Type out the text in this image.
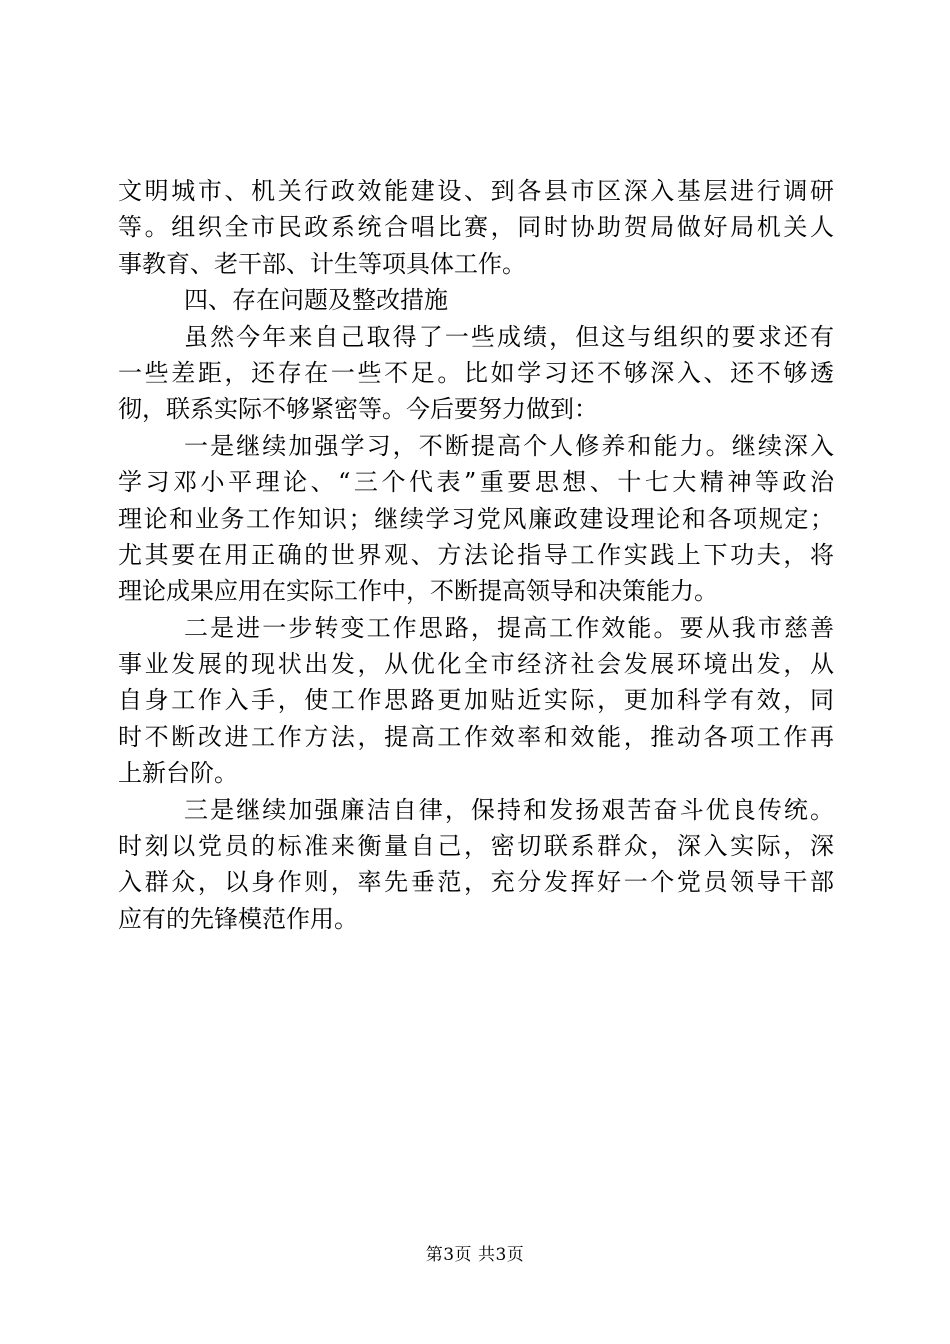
文明城市、机关行政效能建设、到各县市区深入基层进行调研
等。组织全市民政系统合唱比赛，同时协助贺局做好局机关人
事教育、老干部、计生等项具体工作。
四、存在问题及整改措施
虽然今年来自己取得了一些成绩，但这与组织的要求还有
一些差距，还存在一些不足。比如学习还不够深入、还不够透
彻，联系实际不够紧密等。今后要努力做到：
一是继续加强学习，不断提高个人修养和能力。继续深入
学习邓小平理论、“三个代表”重要思想、十七大精神等政治
理论和业务工作知识；继续学习党风廉政建设理论和各项规定；
尤其要在用正确的世界观、方法论指导工作实践上下功夫，将
理论成果应用在实际工作中，不断提高领导和决策能力。
二是进一步转变工作思路，提高工作效能。要从我市慈善
事业发展的现状出发，从优化全市经济社会发展环境出发，从
自身工作入手，使工作思路更加贴近实际，更加科学有效，同
时不断改进工作方法，提高工作效率和效能，推动各项工作再
上新台阶。
三是继续加强廉洁自律，保持和发扬艰苦奋斗优良传统。
时刻以党员的标准来衡量自己，密切联系群众，深入实际，深
入群众，以身作则，率先垂范，充分发挥好一个党员领导干部
应有的先锋模范作用。
第3页 共3页
